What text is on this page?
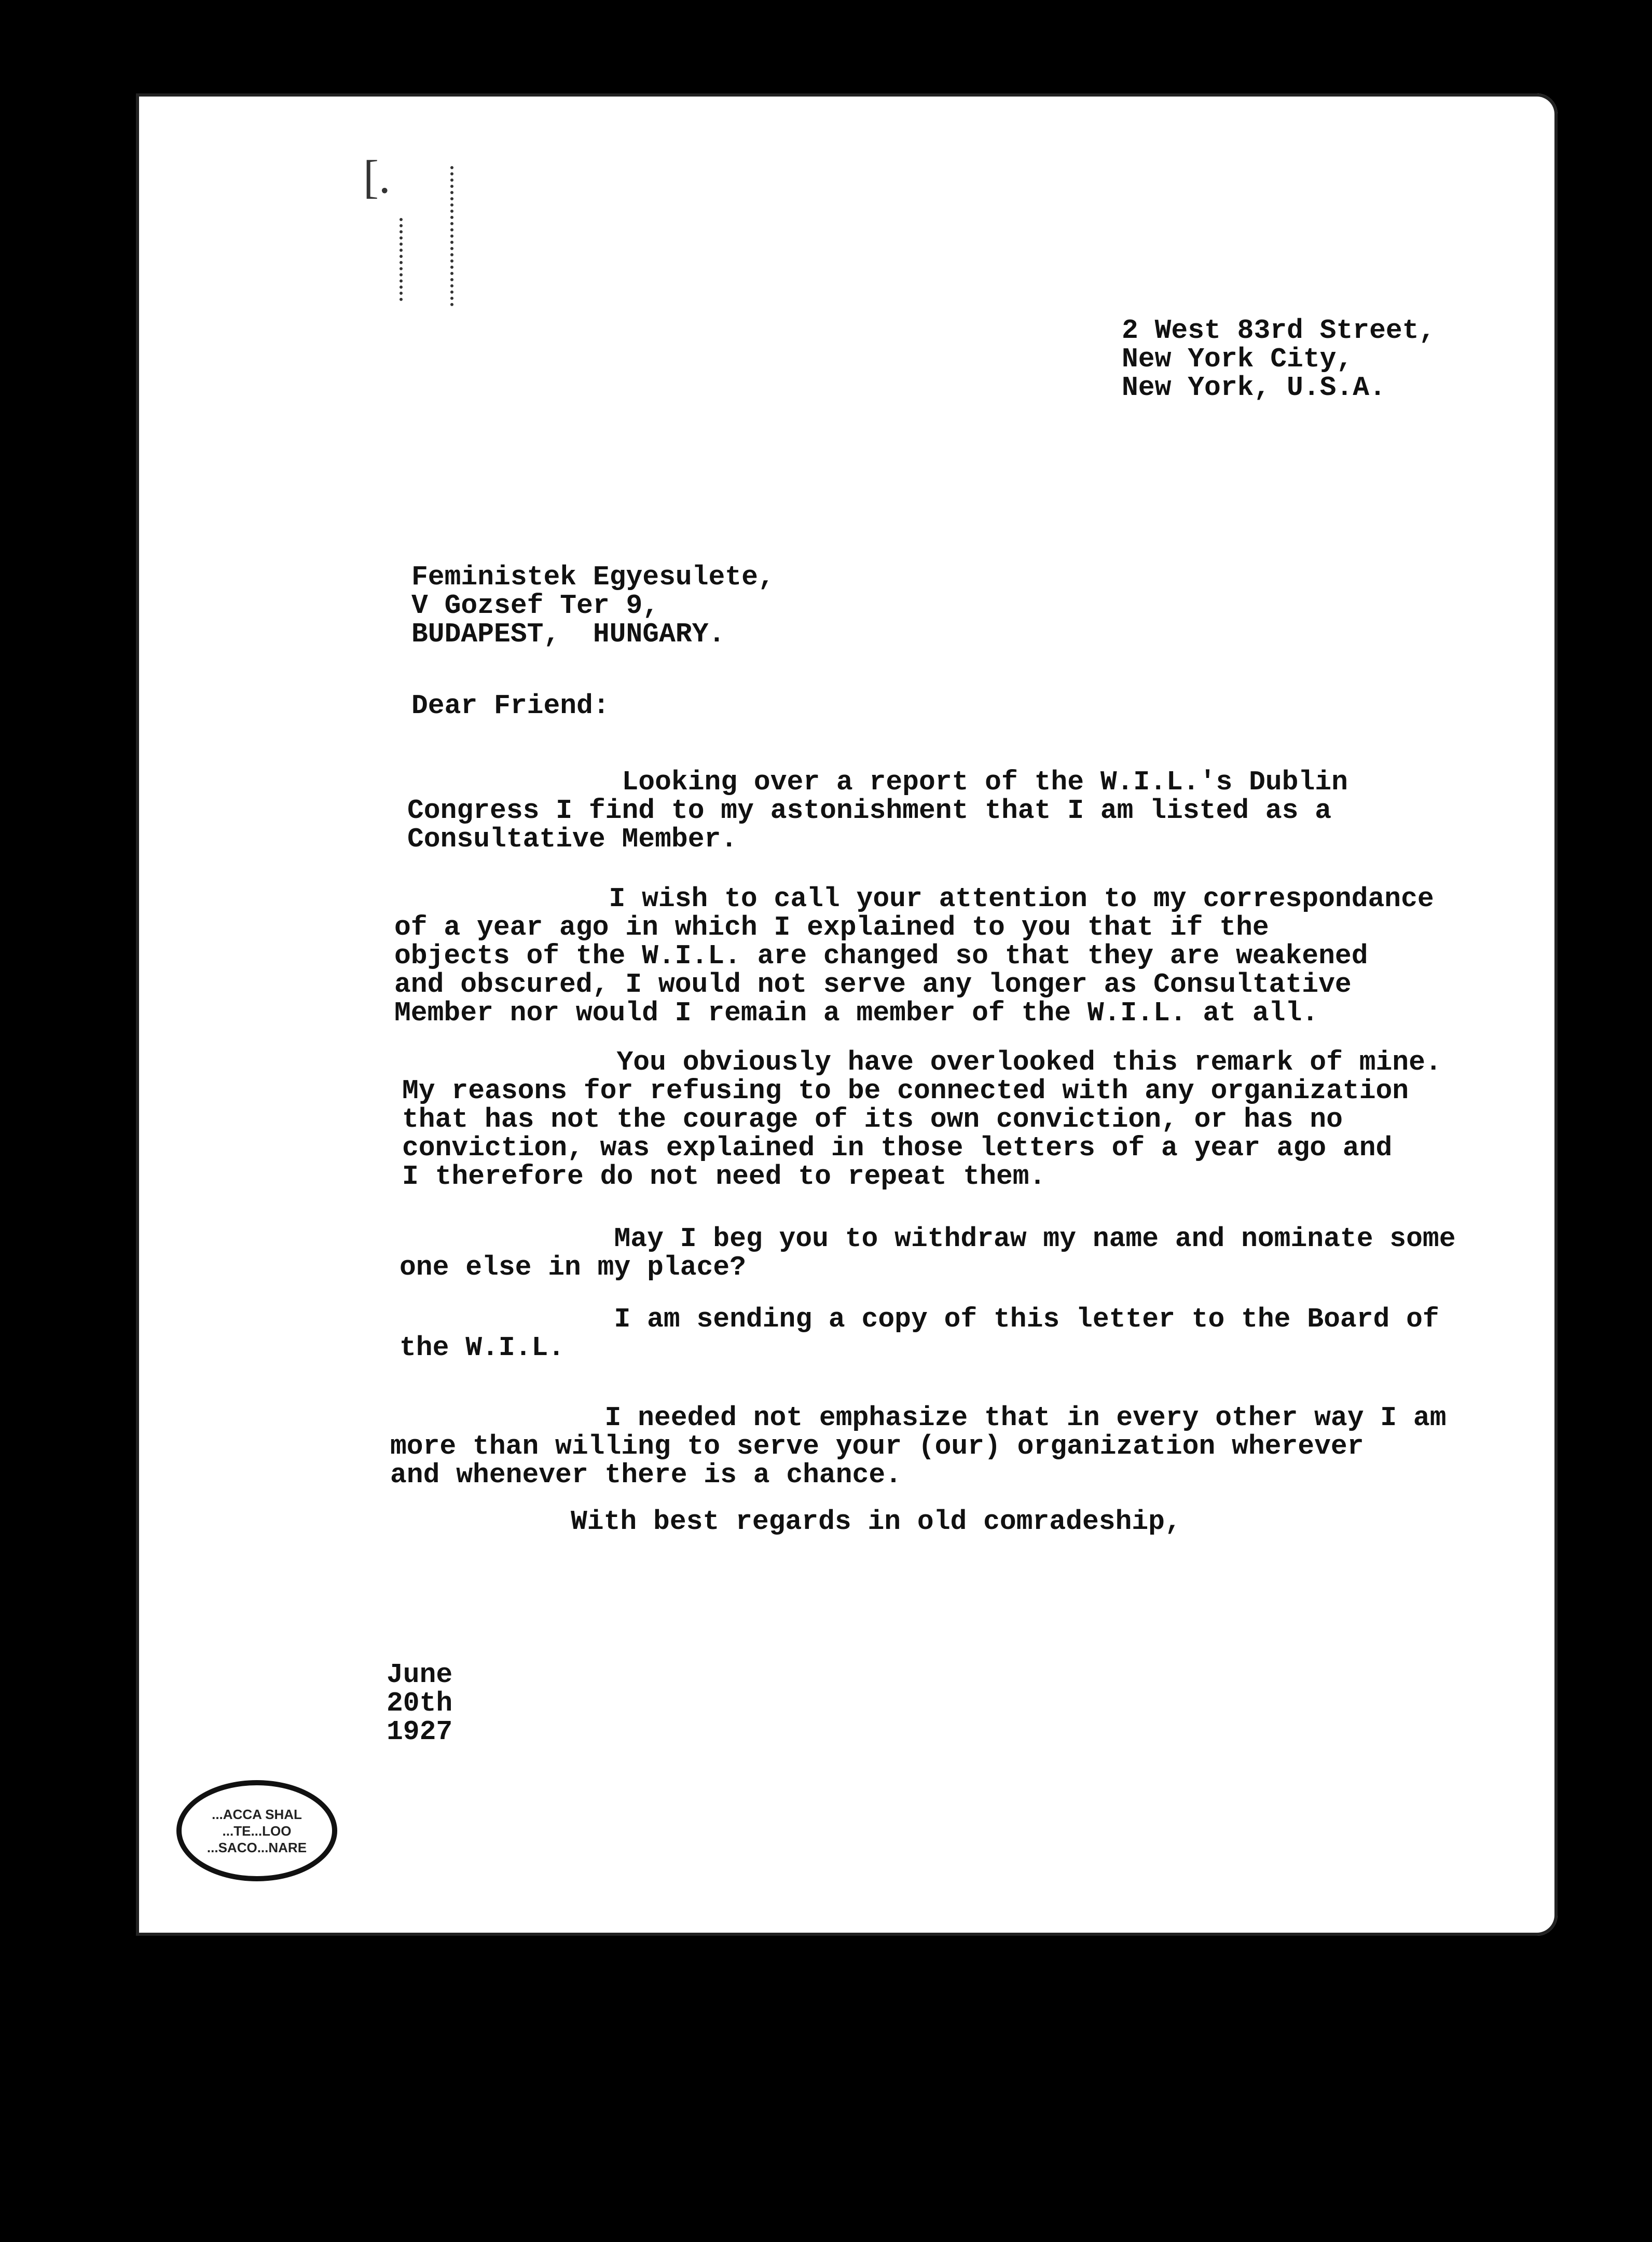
[.
2 West 83rd Street,
New York City,
New York, U.S.A.
Feministek Egyesulete,
V Gozsef Ter 9,
BUDAPEST,  HUNGARY.
Dear Friend:
Looking over a report of the W.I.L.'s Dublin
Congress I find to my astonishment that I am listed as a
Consultative Member.
I wish to call your attention to my correspondance
of a year ago in which I explained to you that if the
objects of the W.I.L. are changed so that they are weakened
and obscured, I would not serve any longer as Consultative
Member nor would I remain a member of the W.I.L. at all.
You obviously have overlooked this remark of mine.
My reasons for refusing to be connected with any organization
that has not the courage of its own conviction, or has no
conviction, was explained in those letters of a year ago and
I therefore do not need to repeat them.
May I beg you to withdraw my name and nominate some
one else in my place?
I am sending a copy of this letter to the Board of
the W.I.L.
I needed not emphasize that in every other way I am
more than willing to serve your (our) organization wherever
and whenever there is a chance.
With best regards in old comradeship,
June
20th
1927
...ACCA SHAL
...TE...LOO
...SACO...NARE
